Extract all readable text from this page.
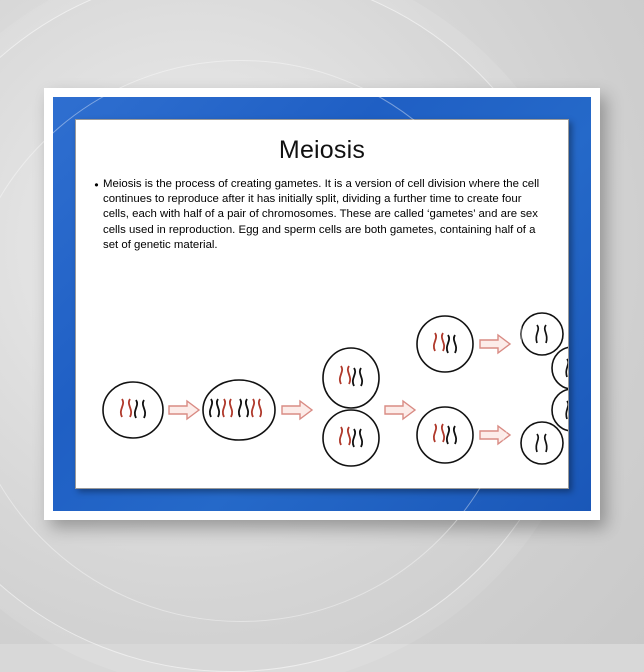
Meiosis
• Meiosis is the process of creating gametes. It is a version of cell division where the cell continues to reproduce after it has initially split, dividing a further time to create four cells, each with half of a pair of chromosomes. These are called ‘gametes’ and are sex cells used in reproduction. Egg and sperm cells are both gametes, containing half of a set of genetic material.
